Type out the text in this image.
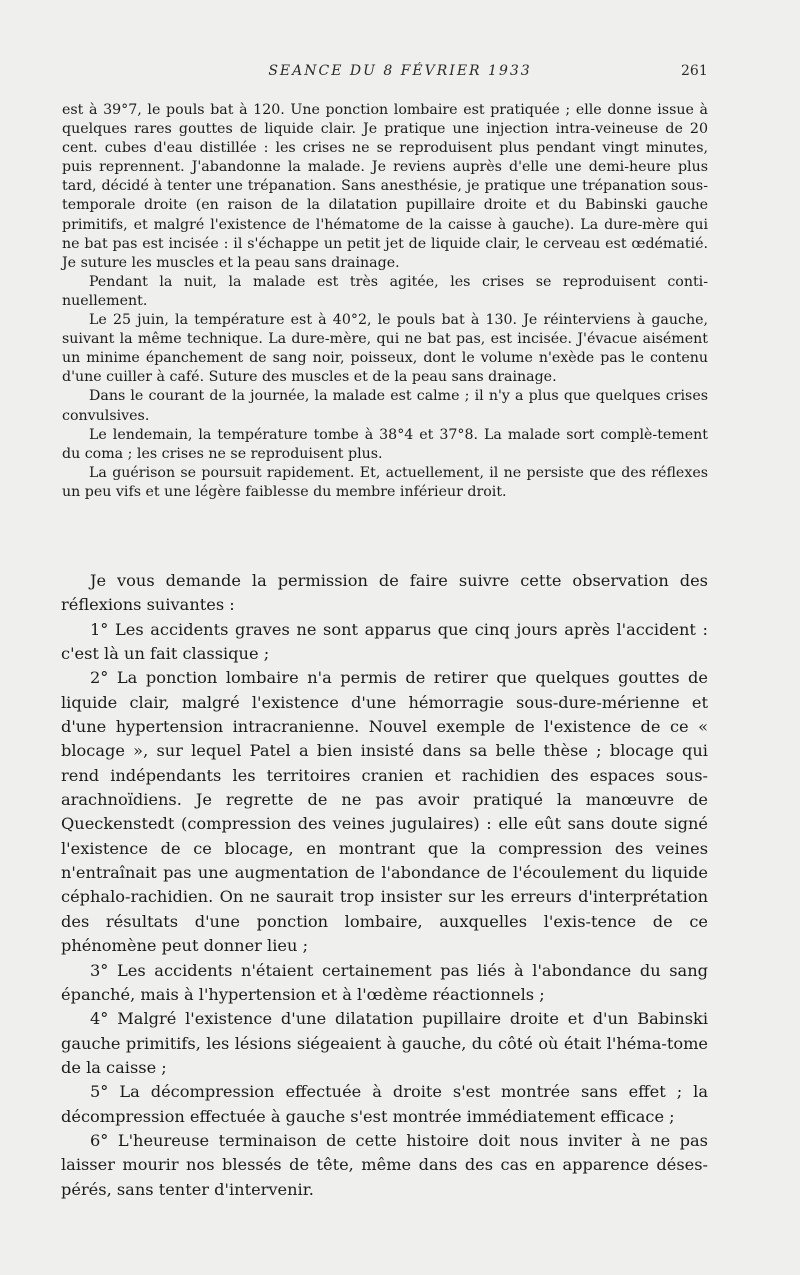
SEANCE DU 8 FÉVRIER 1933	261

est à 39°7, le pouls bat à 120. Une ponction lombaire est pratiquée ; elle donne issue à quelques rares gouttes de liquide clair. Je pratique une injection intra-veineuse de 20 cent. cubes d'eau distillée : les crises ne se reproduisent plus pendant vingt minutes, puis reprennent. J'abandonne la malade. Je reviens auprès d'elle une demi-heure plus tard, décidé à tenter une trépanation. Sans anesthésie, je pratique une trépanation sous-temporale droite (en raison de la dilatation pupillaire droite et du Babinski gauche primitifs, et malgré l'existence de l'hématome de la caisse à gauche). La dure-mère qui ne bat pas est incisée : il s'échappe un petit jet de liquide clair, le cerveau est œdématié. Je suture les muscles et la peau sans drainage.

Pendant la nuit, la malade est très agitée, les crises se reproduisent conti-nuellement.

Le 25 juin, la température est à 40°2, le pouls bat à 130. Je réinterviens à gauche, suivant la même technique. La dure-mère, qui ne bat pas, est incisée. J'évacue aisément un minime épanchement de sang noir, poisseux, dont le volume n'exède pas le contenu d'une cuiller à café. Suture des muscles et de la peau sans drainage.

Dans le courant de la journée, la malade est calme ; il n'y a plus que quelques crises convulsives.

Le lendemain, la température tombe à 38°4 et 37°8. La malade sort complè-tement du coma ; les crises ne se reproduisent plus.

La guérison se poursuit rapidement. Et, actuellement, il ne persiste que des réflexes un peu vifs et une légère faiblesse du membre inférieur droit.

Je vous demande la permission de faire suivre cette observation des réflexions suivantes :

1° Les accidents graves ne sont apparus que cinq jours après l'accident : c'est là un fait classique ;

2° La ponction lombaire n'a permis de retirer que quelques gouttes de liquide clair, malgré l'existence d'une hémorragie sous-dure-mérienne et d'une hypertension intracranienne. Nouvel exemple de l'existence de ce « blocage », sur lequel Patel a bien insisté dans sa belle thèse ; blocage qui rend indépendants les territoires cranien et rachidien des espaces sous-arachnoïdiens. Je regrette de ne pas avoir pratiqué la manœuvre de Queckenstedt (compression des veines jugulaires) : elle eût sans doute signé l'existence de ce blocage, en montrant que la compression des veines n'entraînait pas une augmentation de l'abondance de l'écoulement du liquide céphalo-rachidien. On ne saurait trop insister sur les erreurs d'interprétation des résultats d'une ponction lombaire, auxquelles l'exis-tence de ce phénomène peut donner lieu ;

3° Les accidents n'étaient certainement pas liés à l'abondance du sang épanché, mais à l'hypertension et à l'œdème réactionnels ;

4° Malgré l'existence d'une dilatation pupillaire droite et d'un Babinski gauche primitifs, les lésions siégeaient à gauche, du côté où était l'héma-tome de la caisse ;

5° La décompression effectuée à droite s'est montrée sans effet ; la décompression effectuée à gauche s'est montrée immédiatement efficace ;

6° L'heureuse terminaison de cette histoire doit nous inviter à ne pas laisser mourir nos blessés de tête, même dans des cas en apparence déses-pérés, sans tenter d'intervenir.
